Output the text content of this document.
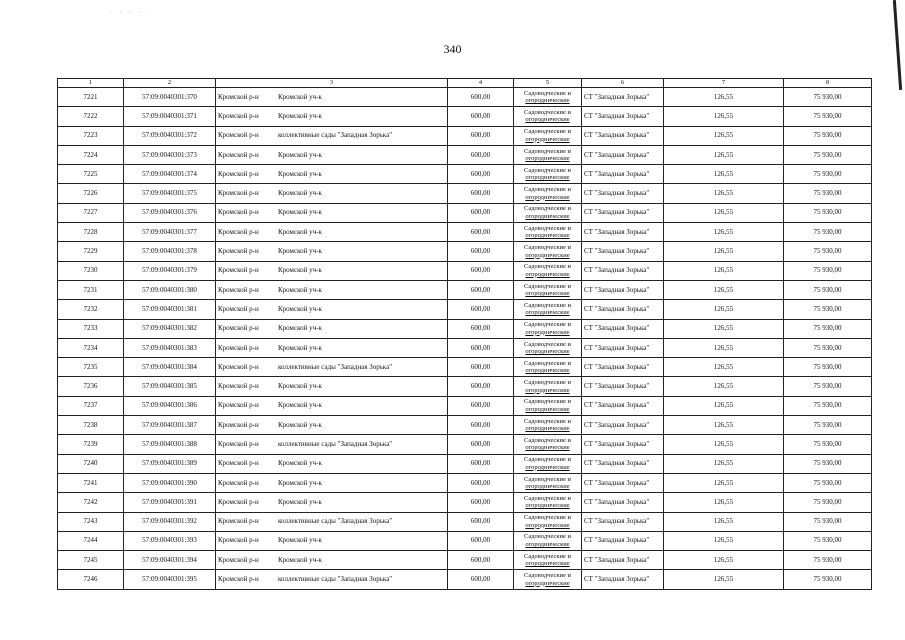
· · · · ·
340
1	2	3	4	5	6	7	8
7221	57:09:0040301:370	Кромской р-н Кромской уч-к	600,00	Садоводческие и
огороднические	СТ "Западная Зорька"	126,55	75 930,00
7222	57:09:0040301:371	Кромской р-н Кромской уч-к	600,00	Садоводческие и
огороднические	СТ "Западная Зорька"	126,55	75 930,00
7223	57:09:0040301:372	Кромской р-н коллективные сады "Западная Зорька"	600,00	Садоводческие и
огороднические	СТ "Западная Зорька"	126,55	75 930,00
7224	57:09:0040301:373	Кромской р-н Кромской уч-к	600,00	Садоводческие и
огороднические	СТ "Западная Зорька"	126,55	75 930,00
7225	57:09:0040301:374	Кромской р-н Кромской уч-к	600,00	Садоводческие и
огороднические	СТ "Западная Зорька"	126,55	75 930,00
7226	57:09:0040301:375	Кромской р-н Кромской уч-к	600,00	Садоводческие и
огороднические	СТ "Западная Зорька"	126,55	75 930,00
7227	57:09:0040301:376	Кромской р-н Кромской уч-к	600,00	Садоводческие и
огороднические	СТ "Западная Зорька"	126,55	75 930,00
7228	57:09:0040301:377	Кромской р-н Кромской уч-к	600,00	Садоводческие и
огороднические	СТ "Западная Зорька"	126,55	75 930,00
7229	57:09:0040301:378	Кромской р-н Кромской уч-к	600,00	Садоводческие и
огороднические	СТ "Западная Зорька"	126,55	75 930,00
7230	57:09:0040301:379	Кромской р-н Кромской уч-к	600,00	Садоводческие и
огороднические	СТ "Западная Зорька"	126,55	75 930,00
7231	57:09:0040301:380	Кромской р-н Кромской уч-к	600,00	Садоводческие и
огороднические	СТ "Западная Зорька"	126,55	75 930,00
7232	57:09:0040301:381	Кромской р-н Кромской уч-к	600,00	Садоводческие и
огороднические	СТ "Западная Зорька"	126,55	75 930,00
7233	57:09:0040301:382	Кромской р-н Кромской уч-к	600,00	Садоводческие и
огороднические	СТ "Западная Зорька"	126,55	75 930,00
7234	57:09:0040301:383	Кромской р-н Кромской уч-к	600,00	Садоводческие и
огороднические	СТ "Западная Зорька"	126,55	75 930,00
7235	57:09:0040301:384	Кромской р-н коллективные сады "Западная Зорька"	600,00	Садоводческие и
огороднические	СТ "Западная Зорька"	126,55	75 930,00
7236	57:09:0040301:385	Кромской р-н Кромской уч-к	600,00	Садоводческие и
огороднические	СТ "Западная Зорька"	126,55	75 930,00
7237	57:09:0040301:386	Кромской р-н Кромской уч-к	600,00	Садоводческие и
огороднические	СТ "Западная Зорька"	126,55	75 930,00
7238	57:09:0040301:387	Кромской р-н Кромской уч-к	600,00	Садоводческие и
огороднические	СТ "Западная Зорька"	126,55	75 930,00
7239	57:09:0040301:388	Кромской р-н коллективные сады "Западная Зорька"	600,00	Садоводческие и
огороднические	СТ "Западная Зорька"	126,55	75 930,00
7240	57:09:0040301:389	Кромской р-н Кромской уч-к	600,00	Садоводческие и
огороднические	СТ "Западная Зорька"	126,55	75 930,00
7241	57:09:0040301:390	Кромской р-н Кромской уч-к	600,00	Садоводческие и
огороднические	СТ "Западная Зорька"	126,55	75 930,00
7242	57:09:0040301:391	Кромской р-н Кромской уч-к	600,00	Садоводческие и
огороднические	СТ "Западная Зорька"	126,55	75 930,00
7243	57:09:0040301:392	Кромской р-н коллективные сады "Западная Зорька"	600,00	Садоводческие и
огороднические	СТ "Западная Зорька"	126,55	75 930,00
7244	57:09:0040301:393	Кромской р-н Кромской уч-к	600,00	Садоводческие и
огороднические	СТ "Западная Зорька"	126,55	75 930,00
7245	57:09:0040301:394	Кромской р-н Кромской уч-к	600,00	Садоводческие и
огороднические	СТ "Западная Зорька"	126,55	75 930,00
7246	57:09:0040301:395	Кромской р-н коллективные сады "Западная Зорька"	600,00	Садоводческие и
огороднические	СТ "Западная Зорька"	126,55	75 930,00
